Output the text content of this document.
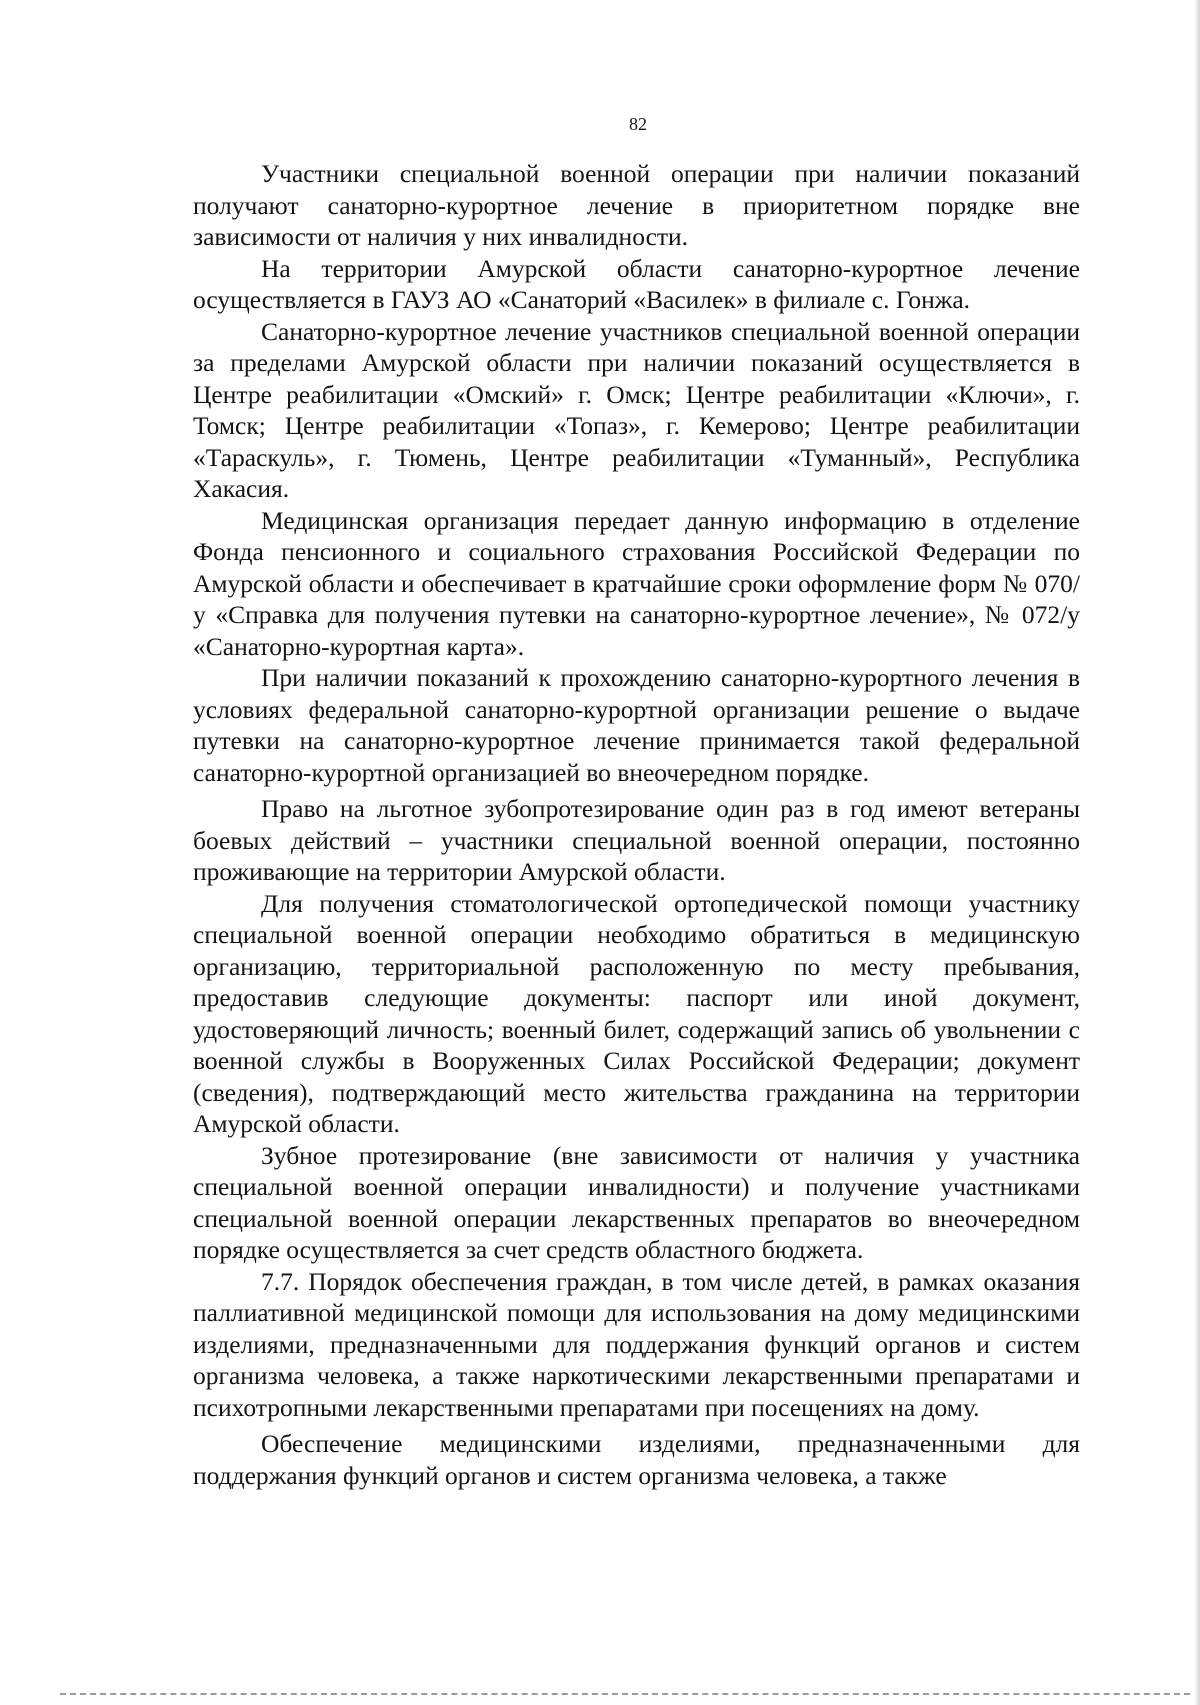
82

Участники специальной военной операции при наличии показаний получают санаторно-курортное лечение в приоритетном порядке вне зависимости от наличия у них инвалидности.

На территории Амурской области санаторно-курортное лечение осуществляется в ГАУЗ АО «Санаторий «Василек» в филиале с. Гонжа.

Санаторно-курортное лечение участников специальной военной операции за пределами Амурской области при наличии показаний осуществляется в Центре реабилитации «Омский» г. Омск; Центре реабилитации «Ключи», г. Томск; Центре реабилитации «Топаз», г. Кемерово; Центре реабилитации «Тараскуль», г. Тюмень, Центре реабилитации «Туманный», Республика Хакасия.

Медицинская организация передает данную информацию в отделение Фонда пенсионного и социального страхования Российской Федерации по Амурской области и обеспечивает в кратчайшие сроки оформление форм № 070/у «Справка для получения путевки на санаторно-курортное лечение», № 072/у «Санаторно-курортная карта».

При наличии показаний к прохождению санаторно-курортного лечения в условиях федеральной санаторно-курортной организации решение о выдаче путевки на санаторно-курортное лечение принимается такой федеральной санаторно-курортной организацией во внеочередном порядке.

Право на льготное зубопротезирование один раз в год имеют ветераны боевых действий – участники специальной военной операции, постоянно проживающие на территории Амурской области.

Для получения стоматологической ортопедической помощи участнику специальной военной операции необходимо обратиться в медицинскую организацию, территориальной расположенную по месту пребывания, предоставив следующие документы: паспорт или иной документ, удостоверяющий личность; военный билет, содержащий запись об увольнении с военной службы в Вооруженных Силах Российской Федерации; документ (сведения), подтверждающий место жительства гражданина на территории Амурской области.

Зубное протезирование (вне зависимости от наличия у участника специальной военной операции инвалидности) и получение участниками специальной военной операции лекарственных препаратов во внеочередном порядке осуществляется за счет средств областного бюджета.

7.7. Порядок обеспечения граждан, в том числе детей, в рамках оказания паллиативной медицинской помощи для использования на дому медицинскими изделиями, предназначенными для поддержания функций органов и систем организма человека, а также наркотическими лекарственными препаратами и психотропными лекарственными препаратами при посещениях на дому.

Обеспечение медицинскими изделиями, предназначенными для поддержания функций органов и систем организма человека, а также
